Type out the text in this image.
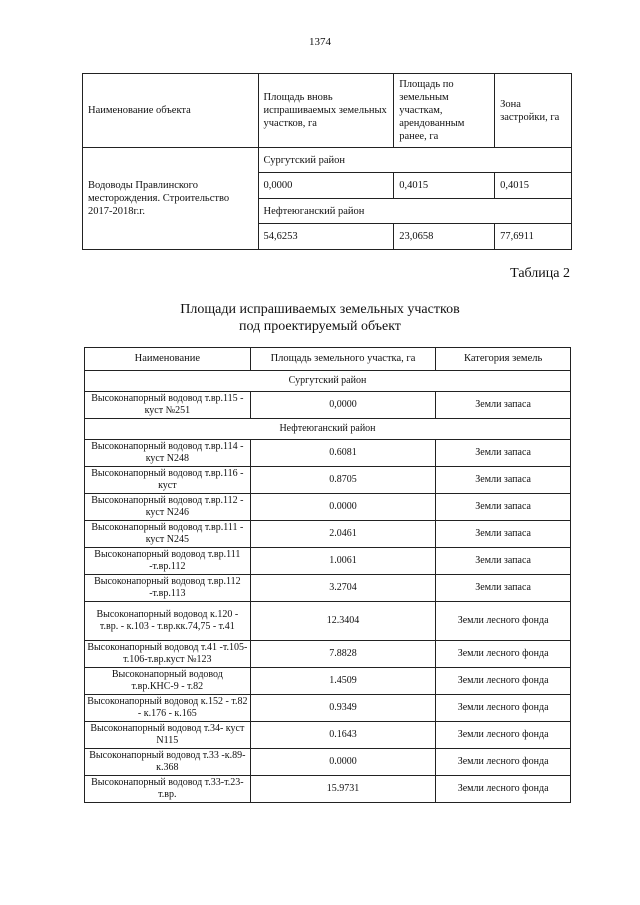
1374
Наименование объекта	Площадь вновь испрашиваемых земельных участков, га	Площадь по земельным участкам, арендованным ранее, га	Зона застройки, га
Водоводы Правлинского месторождения. Строительство 2017-2018г.г.	Сургутский район		
	0,0000	0,4015	0,4015
	Нефтеюганский район		
	54,6253	23,0658	77,6911
Таблица 2
Площади испрашиваемых земельных участков
под проектируемый объект
Наименование	Площадь земельного участка, га	Категория земель
Сургутский район		
Высоконапорный водовод т.вр.115 - куст №251	0,0000	Земли запаса
Нефтеюганский район		
Высоконапорный водовод т.вр.114 - куст N248	0.6081	Земли запаса
Высоконапорный водовод т.вр.116 - куст	0.8705	Земли запаса
Высоконапорный водовод т.вр.112 - куст N246	0.0000	Земли запаса
Высоконапорный водовод т.вр.111 - куст N245	2.0461	Земли запаса
Высоконапорный водовод т.вр.111 -т.вр.112	1.0061	Земли запаса
Высоконапорный водовод т.вр.112 -т.вр.113	3.2704	Земли запаса
Высоконапорный водовод к.120 - т.вр. - к.103 - т.вр.кк.74,75 - т.41	12.3404	Земли лесного фонда
Высоконапорный водовод т.41 -т.105-т.106-т.вр.куст №123	7.8828	Земли лесного фонда
Высоконапорный водовод т.вр.КНС-9 - т.82	1.4509	Земли лесного фонда
Высоконапорный водовод к.152 - т.82 - к.176 - к.165	0.9349	Земли лесного фонда
Высоконапорный водовод т.34- куст N115	0.1643	Земли лесного фонда
Высоконапорный водовод т.33 -к.89-к.368	0.0000	Земли лесного фонда
Высоконапорный водовод т.33-т.23-т.вр.	15.9731	Земли лесного фонда
